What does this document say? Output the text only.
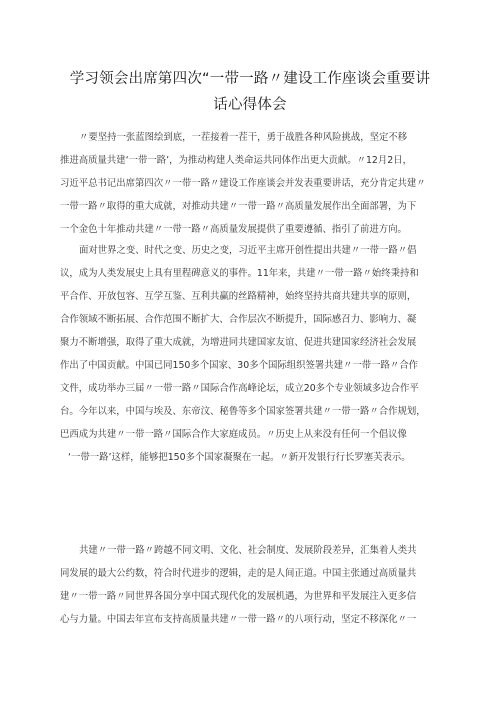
学习领会出席第四次“一带一路〃建设工作座谈会重要讲
话心得体会
〃要坚持一张蓝图绘到底，一茬接着一茬干，勇于战胜各种风险挑战，坚定不移
推进高质量共建‘一带一路’，为推动构建人类命运共同体作出更大贡献。〃12月2日，
习近平总书记出席第四次〃一带一路〃建设工作座谈会并发表重要讲话，充分肯定共建〃
一带一路〃取得的重大成就，对推动共建〃一带一路〃高质量发展作出全面部署，为下
一个金色十年推动共建〃一带一路〃高质量发展提供了重要遵循、指引了前进方向。
面对世界之变、时代之变、历史之变，习近平主席开创性提出共建〃一带一路〃倡
议，成为人类发展史上具有里程碑意义的事件。11年来，共建〃一带一路〃始终秉持和
平合作、开放包容、互学互鉴、互利共赢的丝路精神，始终坚持共商共建共享的原则，
合作领域不断拓展、合作范围不断扩大、合作层次不断提升，国际感召力、影响力、凝
聚力不断增强，取得了重大成就，为增进同共建国家友谊、促进共建国家经济社会发展
作出了中国贡献。中国已同150多个国家、30多个国际组织签署共建〃一带一路〃合作
文件，成功举办三届〃一带一路〃国际合作高峰论坛，成立20多个专业领域多边合作平
台。今年以来，中国与埃及、东帝汶、秘鲁等多个国家签署共建〃一带一路〃合作规划，
巴西成为共建〃一带一路〃国际合作大家庭成员。〃历史上从来没有任何一个倡议像
‘一带一路’这样，能够把150多个国家凝聚在一起。〃新开发银行行长罗塞芙表示。
共建〃一带一路〃跨越不同文明、文化、社会制度、发展阶段差异，汇集着人类共
同发展的最大公约数，符合时代进步的逻辑，走的是人间正道。中国主张通过高质量共
建〃一带一路〃同世界各国分享中国式现代化的发展机遇，为世界和平发展注入更多信
心与力量。中国去年宣布支持高质量共建〃一带一路〃的八项行动，坚定不移深化〃一
